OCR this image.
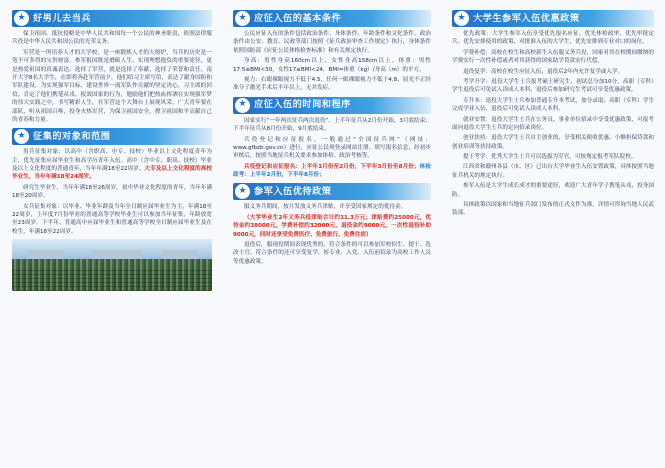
★ 好男儿去当兵

保卫祖国、抵抗侵略是中华人民共和国每一个公民的神圣职责，依照法律服兵役是中华人民共和国公民的光荣义务。

军营是一所培养人才的大学校，是一座锻炼人才的大熔炉，当兵的历史是一笔不可多得的宝贵财富。参军报国既是磨砺人生、实现理想抱负的重要途径，更是热爱祖国的真诚表达。选择了军营，就是选择了奉献，选择了荣誉和责任。南开大学8名大学生，在即将奔赴军营前夕，他们给习主席写信，表达了献身国防和军队建设，为实现强军目标、建设世界一流军队作贡献的坚定决心。习主席的回信，肯定了他们携笔从戎、报效国家的行为，勉励他们把热血挥洒在实现强军梦的伟大实践之中，书写精彩人生，在军营这个大舞台上展现风采。广大青年要在部队，听从祖国召唤，投身火热军营，为保卫祖国安全，撑卫祖国和平贡献自己的青春和力量。

★ 征集的对象和范围

男兵征集对象：以高中（含职高、中专、技校）毕业以上文化程度青年为主，优先征集应届毕业生和高学历青年入伍。高中（含中专、职高、技校）毕业及以上文化程度的普通青年，当年年满18至22周岁。大专及以上文化程度的高校毕业生，当年年满18至24周岁。

研究生毕业生，当年年满18至26周岁。初中毕业文化程度的青年，当年年满18至20周岁。

女兵征集对象：以毕业、毕业年龄及当年全日制应届毕业生为主，年满18至22周岁，上年度7月份毕业的普通高等学校毕业生可以参加当年征集，年龄放宽至23周岁。下半年、普通高中应届毕业生和普通高等学校全日制应届毕业生及在校生，年满18至22周岁。

★ 应征入伍的基本条件

公民应征入伍的条件包括政治条件、身体条件、年龄条件和文化条件。政治条件由公安、教育、民政等部门按照《征兵政治审查工作规定》执行，身体条件依照国防部《应征公民体格检查标准》和有关规定执行。

身高：男性身高160cm以上，女性身高158cm以上。体重：男性17.5≤BMI<30，女性17≤BMI<24，BMI=体重（kg）/身高（m）的平方。

视力：右眼裸眼视力不低于4.5，任何一眼裸眼视力不低于4.8，屈光不正经准分子激光手术后半年以上，无并发症。

★ 应征入伍的时间和程序

国家实行“一年两次征兵两次退役”。上半年征兵从2月份开始，3月底结束；下半年征兵从8月份开始，9月底结束。

兵役登记和应征报名，一般通过“全国征兵网”（网址：www.gfbzb.gov.cn）进行，应征公民须登录网站注册、填写报名信息，经初步审核后，按照当地征兵机关要求参加体检、政治考核等。

兵役登记和应征报名：上半年1月份至2月份，下半年3月份至8月份；体检政考：上半年2月份，下半年8月份；

★ 参军入伍优待政策

服义务兵期间，按月发放义务兵津贴，并享受国家规定的优待金。

（大学毕业生2年义务兵役津贴合计约11.3万元；津贴费约25000元，优待金约38000元，学费补偿约32000元，退役金约9000元，一次性退役补助9000元，同时还享受免费医疗、免费旅行、免费住宿）

退役后，服现役期间表现优秀的，符合条件的可以参加军校招生、提干、选改士官，符合条件的还可享受复学、转专业、入党、入伍前招录为高校工作人员等优惠政策。

★ 大学生参军入伍优惠政策

优先政策：大学生参军入伍享受优先报名应征、优先体检政审、优先审批定兵、优先安排使用的政策，对批准入伍的大学生，优先安排到专业对口的岗位。

学费补偿：高校在校生和高校新生入伍服义务兵役，国家对其在校期间缴纳的学费实行一次性补偿或者对其获得的国家助学贷款实行代偿。

退役复学：高校在校生应征入伍，退役后2年内允许复学或入学。

考学升学：退役大学生士兵报考硕士研究生，初试总分加10分，高职（专科）学生退役后可免试入读成人本科，退役后参加研究生考试可享受优惠政策。

专升本：退役大学生士兵参加普通专升本考试，加分录取；高职（专科）学生完成学业入伍，退役后可免试入读成人本科。

就业安置：退役大学生士兵在公务员、事业单位招录中享受优惠政策，可报考面向退役大学生士兵的定向招录岗位。

创业扶持：退役大学生士兵自主创业的，享受相关税收优惠、小额担保贷款和创业培训等扶持政策。

提干考学：优秀大学生士兵可以选拔为军官，可按规定报考军队院校。

江西省和赣州各县（市、区）已出台大学毕业生入伍安置政策，具体按照当地征兵机关的规定执行。

参军入伍是大学生成长成才的重要途径，欢迎广大青年学子携笔从戎，投身国防。

具体政策以国家和当地征兵部门发布的正式文件为准，详情可咨询当地人民武装部。
